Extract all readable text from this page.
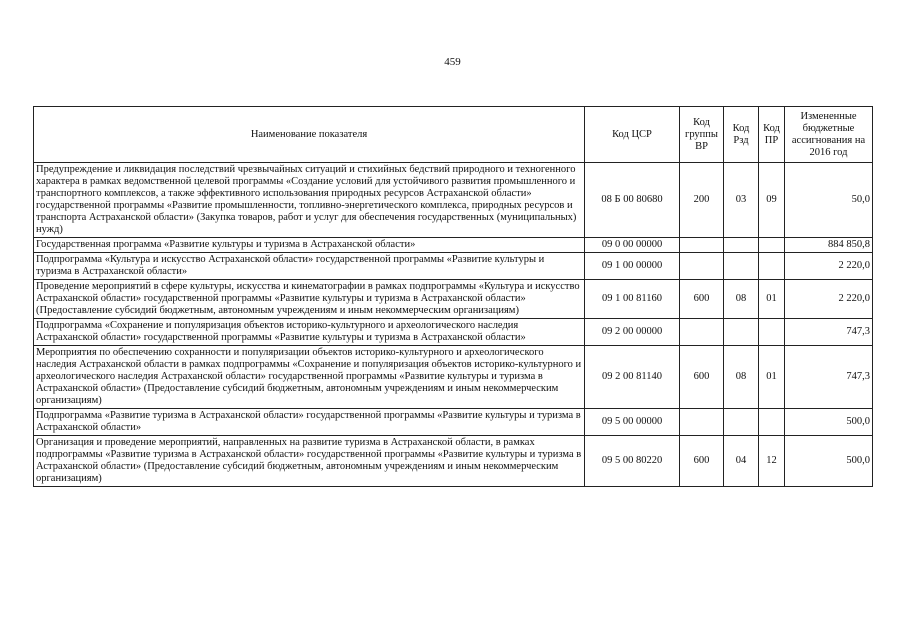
459
Наименование показателя	Код ЦСР	Код группы ВР	Код Рзд	Код ПР	Измененные бюджетные ассигнования на 2016 год
Предупреждение и ликвидация последствий чрезвычайных ситуаций и стихийных бедствий природного и техногенного характера в рамках ведомственной целевой программы «Создание условий для устойчивого развития промышленного и транспортного комплексов, а также эффективного использования природных ресурсов Астраханской области» государственной программы «Развитие промышленности, топливно-энергетического комплекса, природных ресурсов и транспорта Астраханской области» (Закупка товаров, работ и услуг для обеспечения государственных (муниципальных) нужд)	08 Б 00 80680	200	03	09	50,0
Государственная программа «Развитие культуры и туризма в Астраханской области»	09 0 00 00000				884 850,8
Подпрограмма «Культура и искусство Астраханской области» государственной программы «Развитие культуры и туризма в Астраханской области»	09 1 00 00000				2 220,0
Проведение мероприятий в сфере культуры, искусства и кинематографии в рамках подпрограммы «Культура и искусство Астраханской области» государственной программы «Развитие культуры и туризма в Астраханской области» (Предоставление субсидий бюджетным, автономным учреждениям и иным некоммерческим организациям)	09 1 00 81160	600	08	01	2 220,0
Подпрограмма «Сохранение и популяризация объектов историко-культурного и археологического наследия Астраханской области» государственной программы «Развитие культуры и туризма в Астраханской области»	09 2 00 00000				747,3
Мероприятия по обеспечению сохранности и популяризации объектов историко-культурного и археологического наследия Астраханской области в рамках подпрограммы «Сохранение и популяризация объектов историко-культурного и археологического наследия Астраханской области» государственной программы «Развитие культуры и туризма в Астраханской области» (Предоставление субсидий бюджетным, автономным учреждениям и иным некоммерческим организациям)	09 2 00 81140	600	08	01	747,3
Подпрограмма «Развитие туризма в Астраханской области» государственной программы «Развитие культуры и туризма в Астраханской области»	09 5 00 00000				500,0
Организация и проведение мероприятий, направленных на развитие туризма в Астраханской области, в рамках подпрограммы «Развитие туризма в Астраханской области» государственной программы «Развитие культуры и туризма в Астраханской области» (Предоставление субсидий бюджетным, автономным учреждениям и иным некоммерческим организациям)	09 5 00 80220	600	04	12	500,0
